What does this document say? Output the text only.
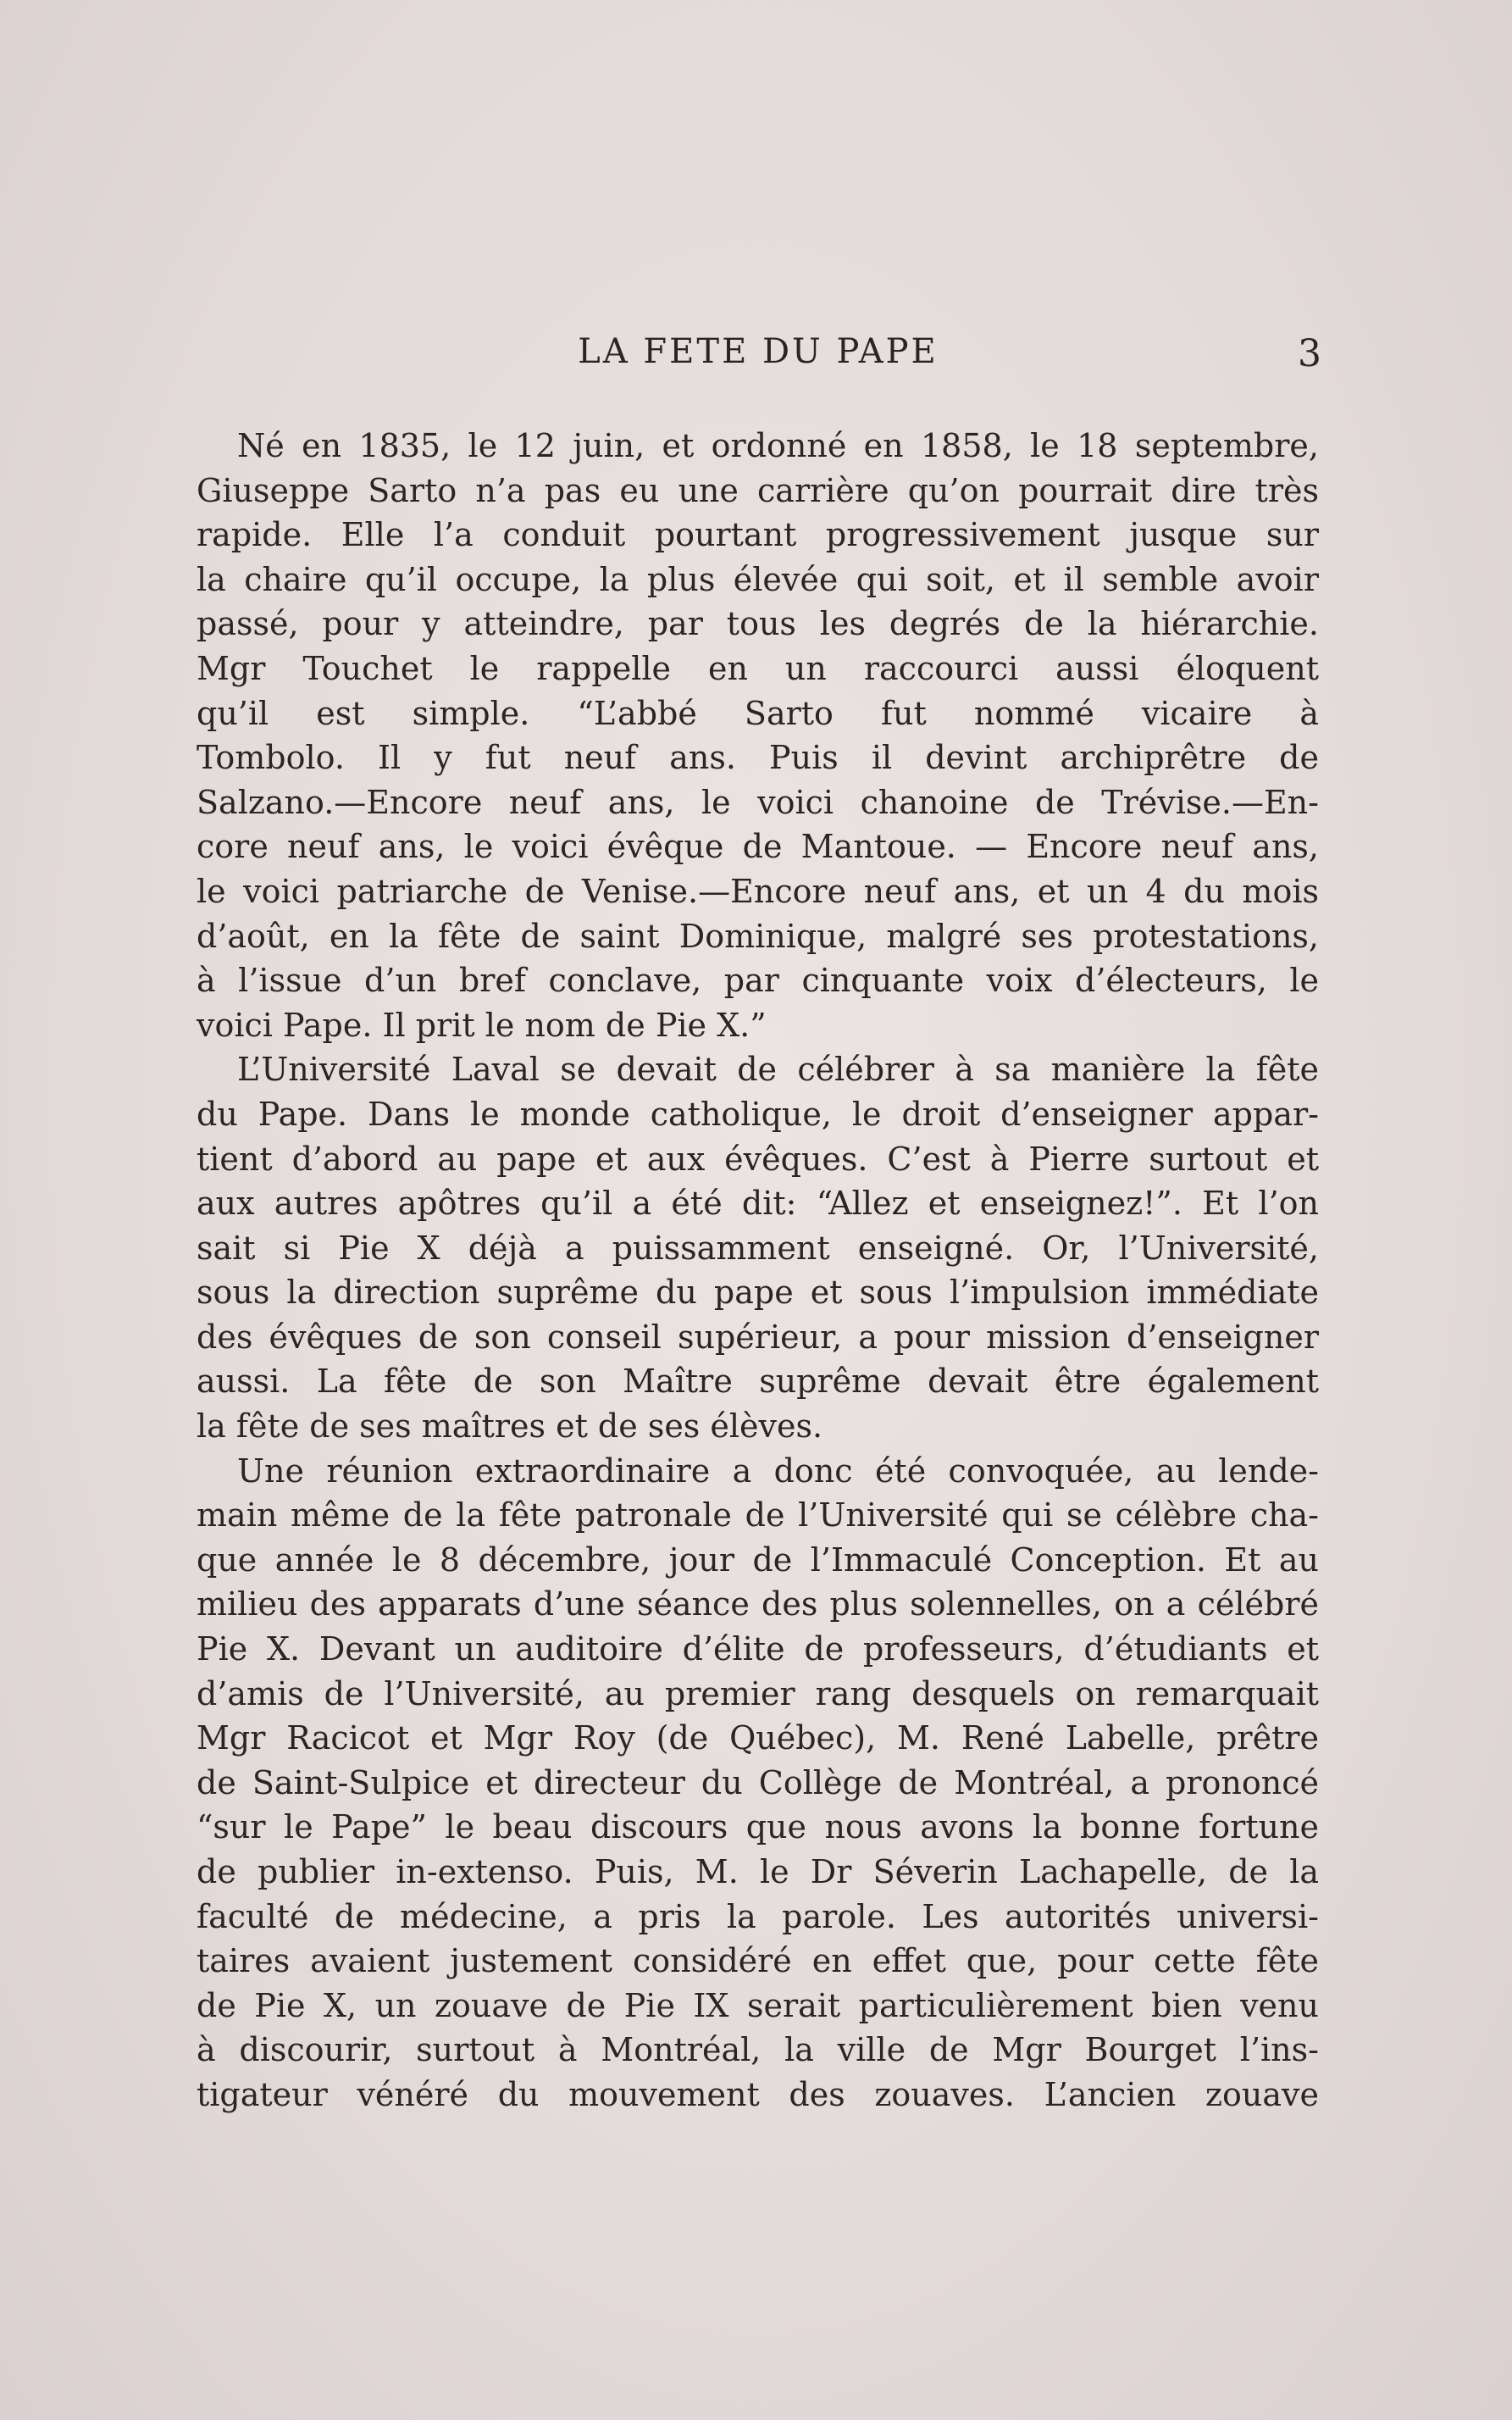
LA FETE DU PAPE	3
Né en 1835, le 12 juin, et ordonné en 1858, le 18 septembre,
Giuseppe Sarto n’a pas eu une carrière qu’on pourrait dire très
rapide. Elle l’a conduit pourtant progressivement jusque sur
la chaire qu’il occupe, la plus élevée qui soit, et il semble avoir
passé, pour y atteindre, par tous les degrés de la hiérarchie.
Mgr Touchet le rappelle en un raccourci aussi éloquent
qu’il est simple. “L’abbé Sarto fut nommé vicaire à
Tombolo. Il y fut neuf ans. Puis il devint archiprêtre de
Salzano.—Encore neuf ans, le voici chanoine de Trévise.—En-
core neuf ans, le voici évêque de Mantoue. — Encore neuf ans,
le voici patriarche de Venise.—Encore neuf ans, et un 4 du mois
d’août, en la fête de saint Dominique, malgré ses protestations,
à l’issue d’un bref conclave, par cinquante voix d’électeurs, le
voici Pape. Il prit le nom de Pie X.”
L’Université Laval se devait de célébrer à sa manière la fête
du Pape. Dans le monde catholique, le droit d’enseigner appar-
tient d’abord au pape et aux évêques. C’est à Pierre surtout et
aux autres apôtres qu’il a été dit: “Allez et enseignez!”. Et l’on
sait si Pie X déjà a puissamment enseigné. Or, l’Université,
sous la direction suprême du pape et sous l’impulsion immédiate
des évêques de son conseil supérieur, a pour mission d’enseigner
aussi. La fête de son Maître suprême devait être également
la fête de ses maîtres et de ses élèves.
Une réunion extraordinaire a donc été convoquée, au lende-
main même de la fête patronale de l’Université qui se célèbre cha-
que année le 8 décembre, jour de l’Immaculé Conception. Et au
milieu des apparats d’une séance des plus solennelles, on a célébré
Pie X. Devant un auditoire d’élite de professeurs, d’étudiants et
d’amis de l’Université, au premier rang desquels on remarquait
Mgr Racicot et Mgr Roy (de Québec), M. René Labelle, prêtre
de Saint-Sulpice et directeur du Collège de Montréal, a prononcé
“sur le Pape” le beau discours que nous avons la bonne fortune
de publier in-extenso. Puis, M. le Dr Séverin Lachapelle, de la
faculté de médecine, a pris la parole. Les autorités universi-
taires avaient justement considéré en effet que, pour cette fête
de Pie X, un zouave de Pie IX serait particulièrement bien venu
à discourir, surtout à Montréal, la ville de Mgr Bourget l’ins-
tigateur vénéré du mouvement des zouaves. L’ancien zouave
